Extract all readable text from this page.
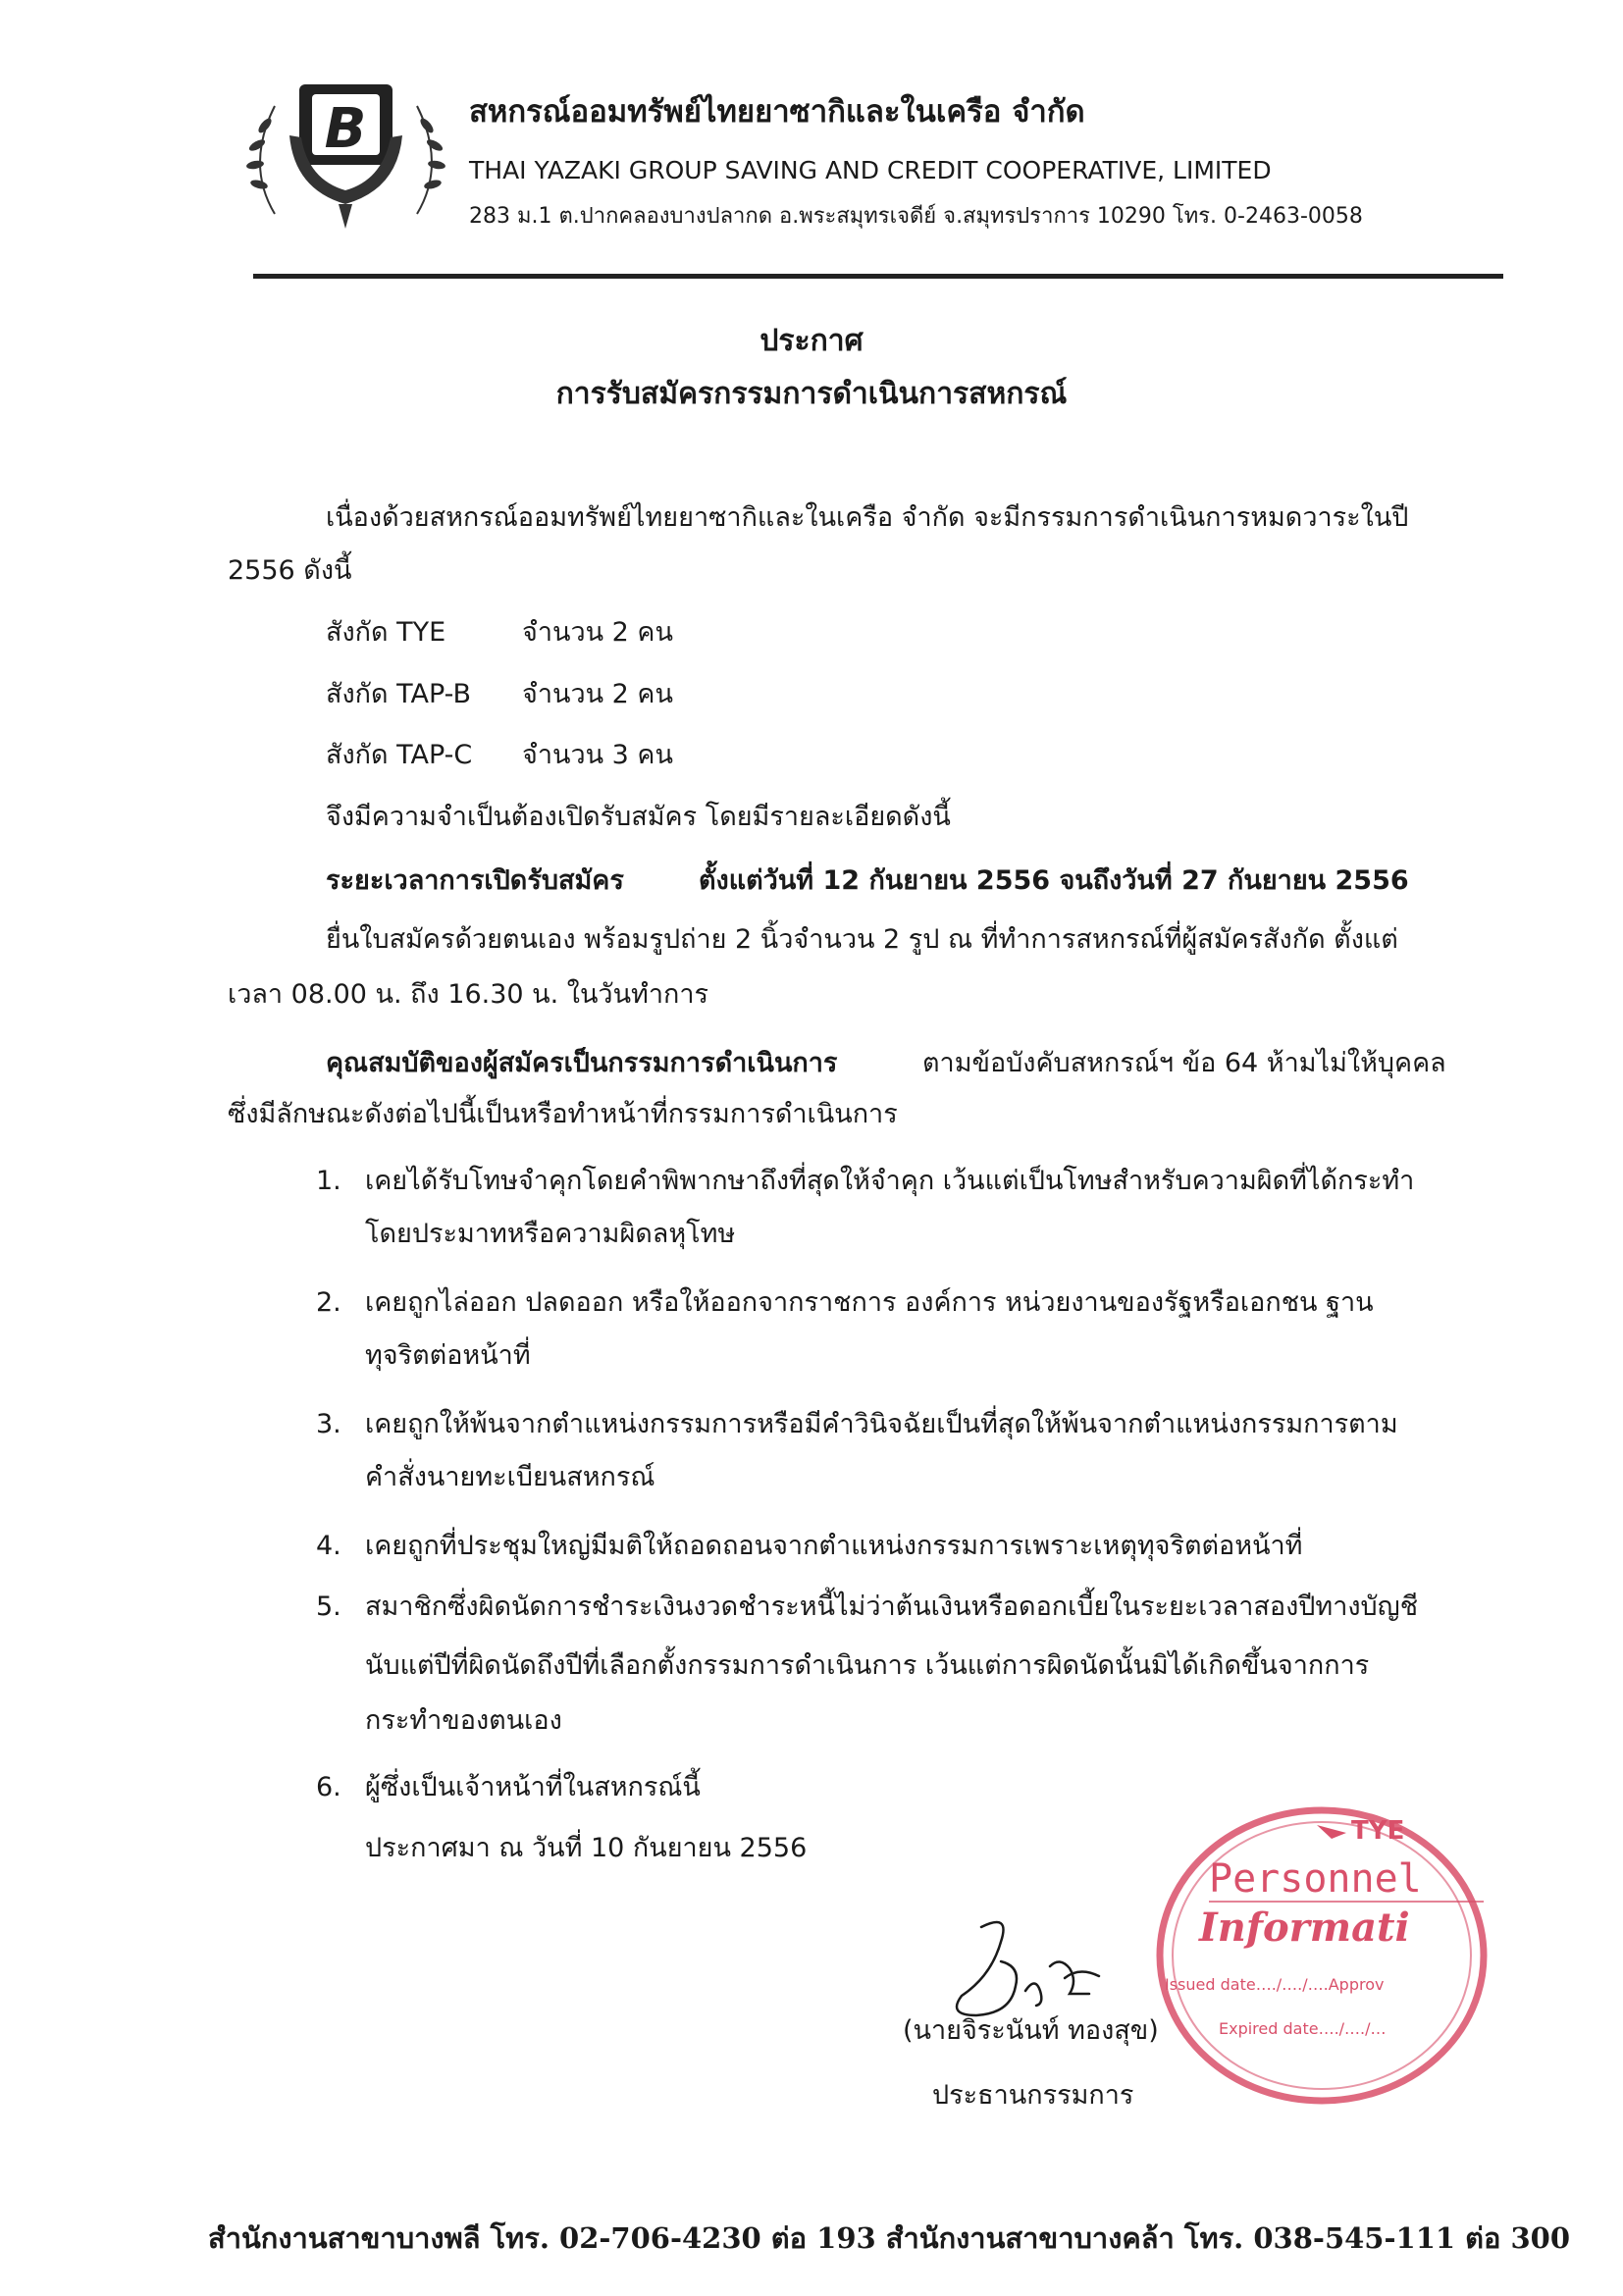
B	สหกรณ์ออมทรัพย์ไทยยาซากิและในเครือ จำกัด
THAI YAZAKI GROUP SAVING AND CREDIT COOPERATIVE, LIMITED
283 ม.1 ต.ปากคลองบางปลากด อ.พระสมุทรเจดีย์ จ.สมุทรปราการ 10290 โทร. 0-2463-0058
ประกาศ
การรับสมัครกรรมการดำเนินการสหกรณ์
เนื่องด้วยสหกรณ์ออมทรัพย์ไทยยาซากิและในเครือ จำกัด จะมีกรรมการดำเนินการหมดวาระในปี
2556 ดังนี้
สังกัด TYE	จำนวน 2 คน
สังกัด TAP-B จำนวน 2 คน
สังกัด TAP-C จำนวน 3 คน
จึงมีความจำเป็นต้องเปิดรับสมัคร โดยมีรายละเอียดดังนี้
ระยะเวลาการเปิดรับสมัคร	ตั้งแต่วันที่ 12 กันยายน 2556 จนถึงวันที่ 27 กันยายน 2556
ยื่นใบสมัครด้วยตนเอง พร้อมรูปถ่าย 2 นิ้วจำนวน 2 รูป ณ ที่ทำการสหกรณ์ที่ผู้สมัครสังกัด ตั้งแต่
เวลา 08.00 น. ถึง 16.30 น. ในวันทำการ
คุณสมบัติของผู้สมัครเป็นกรรมการดำเนินการ	ตามข้อบังคับสหกรณ์ฯ ข้อ 64 ห้ามไม่ให้บุคคล
ซึ่งมีลักษณะดังต่อไปนี้เป็นหรือทำหน้าที่กรรมการดำเนินการ
1. เคยได้รับโทษจำคุกโดยคำพิพากษาถึงที่สุดให้จำคุก เว้นแต่เป็นโทษสำหรับความผิดที่ได้กระทำ
โดยประมาทหรือความผิดลหุโทษ
2. เคยถูกไล่ออก ปลดออก หรือให้ออกจากราชการ องค์การ หน่วยงานของรัฐหรือเอกชน ฐาน
ทุจริตต่อหน้าที่
3. เคยถูกให้พ้นจากตำแหน่งกรรมการหรือมีคำวินิจฉัยเป็นที่สุดให้พ้นจากตำแหน่งกรรมการตาม
คำสั่งนายทะเบียนสหกรณ์
4. เคยถูกที่ประชุมใหญ่มีมติให้ถอดถอนจากตำแหน่งกรรมการเพราะเหตุทุจริตต่อหน้าที่
5. สมาชิกซึ่งผิดนัดการชำระเงินงวดชำระหนี้ไม่ว่าต้นเงินหรือดอกเบี้ยในระยะเวลาสองปีทางบัญชี
นับแต่ปีที่ผิดนัดถึงปีที่เลือกตั้งกรรมการดำเนินการ เว้นแต่การผิดนัดนั้นมิได้เกิดขึ้นจากการ
กระทำของตนเอง
6. ผู้ซึ่งเป็นเจ้าหน้าที่ในสหกรณ์นี้
ประกาศมา ณ วันที่ 10 กันยายน 2556
(นายจิระนันท์ ทองสุข)
ประธานกรรมการ
TYE
Personnel
Informati
Issued date…./…./….Approv
Expired date…./…./…
สำนักงานสาขาบางพลี โทร. 02-706-4230 ต่อ 193 สำนักงานสาขาบางคล้า โทร. 038-545-111 ต่อ 300
